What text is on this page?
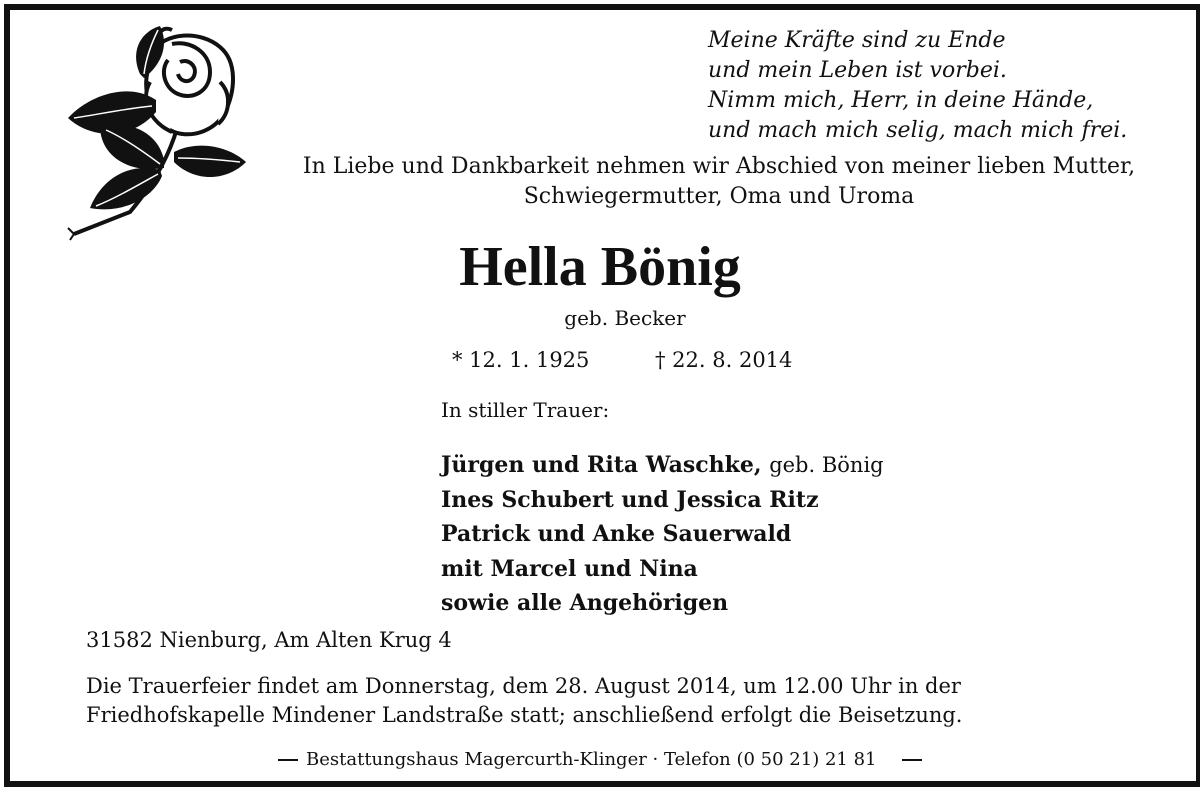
Meine Kräfte sind zu Ende
und mein Leben ist vorbei.
Nimm mich, Herr, in deine Hände,
und mach mich selig, mach mich frei.
In Liebe und Dankbarkeit nehmen wir Abschied von meiner lieben Mutter,
Schwiegermutter, Oma und Uroma
Hella Bönig
geb. Becker
* 12. 1. 1925	† 22. 8. 2014
In stiller Trauer:
Jürgen und Rita Waschke, geb. Bönig
Ines Schubert und Jessica Ritz
Patrick und Anke Sauerwald
mit Marcel und Nina
sowie alle Angehörigen
31582 Nienburg, Am Alten Krug 4
Die Trauerfeier findet am Donnerstag, dem 28. August 2014, um 12.00 Uhr in der
Friedhofskapelle Mindener Landstraße statt; anschließend erfolgt die Beisetzung.
Bestattungshaus Magercurth-Klinger · Telefon (0 50 21) 21 81
